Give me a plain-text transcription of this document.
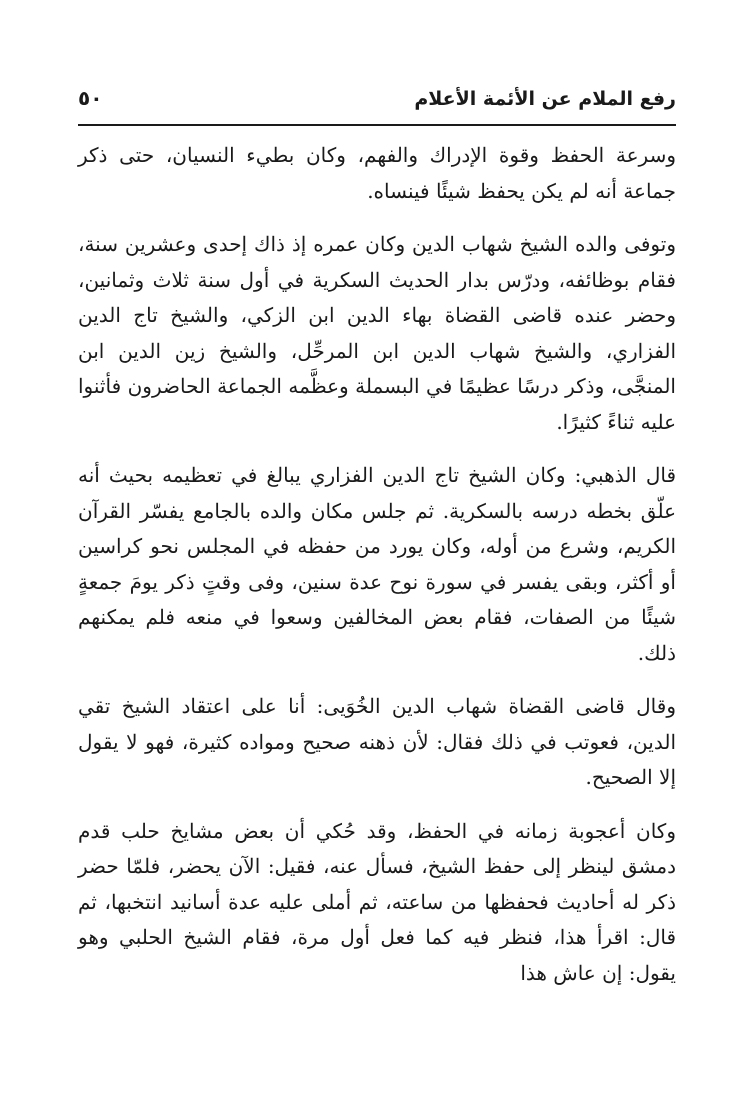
رفع الملام عن الأئمة الأعلام
٥٠

وسرعة الحفظ وقوة الإدراك والفهم، وكان بطيء النسيان، حتى ذكر جماعة أنه لم يكن يحفظ شيئًا فينساه.

وتوفى والده الشيخ شهاب الدين وكان عمره إذ ذاك إحدى وعشرين سنة، فقام بوظائفه، ودرّس بدار الحديث السكرية في أول سنة ثلاث وثمانين، وحضر عنده قاضى القضاة بهاء الدين ابن الزكي، والشيخ تاج الدين الفزاري، والشيخ شهاب الدين ابن المرحِّل، والشيخ زين الدين ابن المنجَّى، وذكر درسًا عظيمًا في البسملة وعظَّمه الجماعة الحاضرون فأثنوا عليه ثناءً كثيرًا.

قال الذهبي: وكان الشيخ تاج الدين الفزاري يبالغ في تعظيمه بحيث أنه علّق بخطه درسه بالسكرية. ثم جلس مكان والده بالجامع يفسّر القرآن الكريم، وشرع من أوله، وكان يورد من حفظه في المجلس نحو كراسين أو أكثر، وبقى يفسر في سورة نوح عدة سنين، وفى وقتٍ ذكر يومَ جمعةٍ شيئًا من الصفات، فقام بعض المخالفين وسعوا في منعه فلم يمكنهم ذلك.

وقال قاضى القضاة شهاب الدين الخُوَيى: أنا على اعتقاد الشيخ تقي الدين، فعوتب في ذلك فقال: لأن ذهنه صحيح ومواده كثيرة، فهو لا يقول إلا الصحيح.

وكان أعجوبة زمانه في الحفظ، وقد حُكي أن بعض مشايخ حلب قدم دمشق لينظر إلى حفظ الشيخ، فسأل عنه، فقيل: الآن يحضر، فلمّا حضر ذكر له أحاديث فحفظها من ساعته، ثم أملى عليه عدة أسانيد انتخبها، ثم قال: اقرأ هذا، فنظر فيه كما فعل أول مرة، فقام الشيخ الحلبي وهو يقول: إن عاش هذا
